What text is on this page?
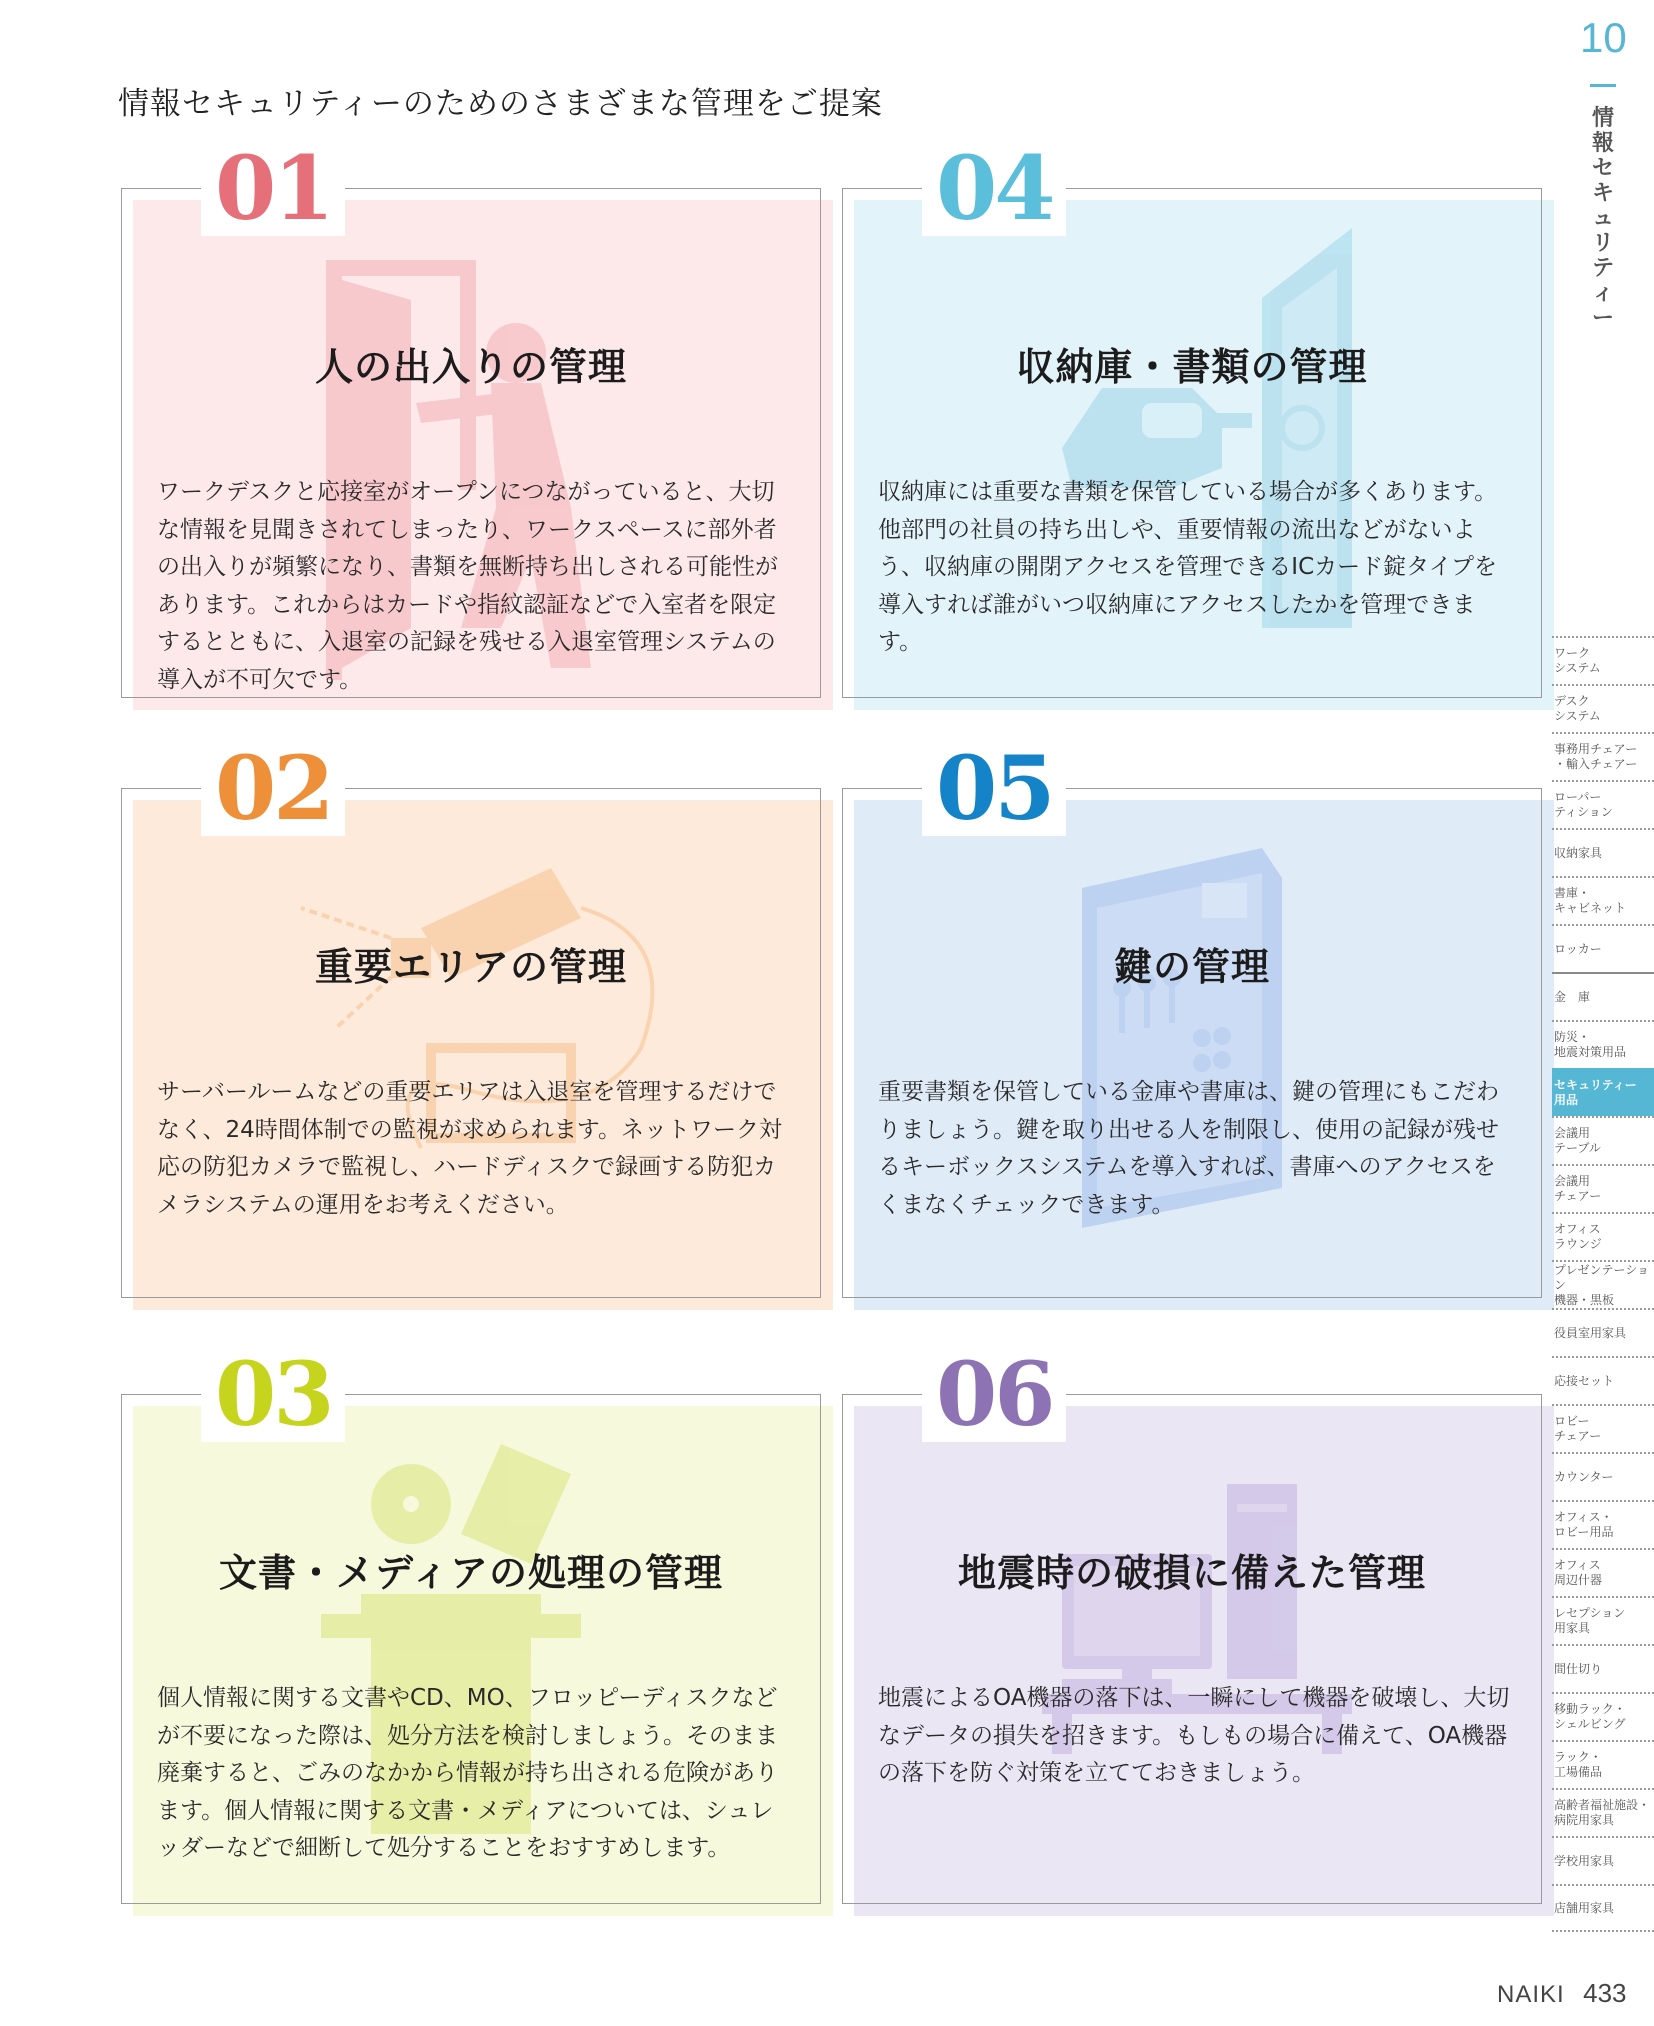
情報セキュリティーのためのさまざまな管理をご提案
01
人の出入りの管理
ワークデスクと応接室がオープンにつながっていると、大切な情報を見聞きされてしまったり、ワークスペースに部外者の出入りが頻繁になり、書類を無断持ち出しされる可能性があります。これからはカードや指紋認証などで入室者を限定するとともに、入退室の記録を残せる入退室管理システムの導入が不可欠です。
04
収納庫・書類の管理
収納庫には重要な書類を保管している場合が多くあります。他部門の社員の持ち出しや、重要情報の流出などがないよう、収納庫の開閉アクセスを管理できるICカード錠タイプを導入すれば誰がいつ収納庫にアクセスしたかを管理できます。
02
重要エリアの管理
サーバールームなどの重要エリアは入退室を管理するだけでなく、24時間体制での監視が求められます。ネットワーク対応の防犯カメラで監視し、ハードディスクで録画する防犯カメラシステムの運用をお考えください。
05
鍵の管理
重要書類を保管している金庫や書庫は、鍵の管理にもこだわりましょう。鍵を取り出せる人を制限し、使用の記録が残せるキーボックスシステムを導入すれば、書庫へのアクセスをくまなくチェックできます。
03
文書・メディアの処理の管理
個人情報に関する文書やCD、MO、フロッピーディスクなどが不要になった際は、処分方法を検討しましょう。そのまま廃棄すると、ごみのなかから情報が持ち出される危険があります。個人情報に関する文書・メディアについては、シュレッダーなどで細断して処分することをおすすめします。
06
地震時の破損に備えた管理
地震によるOA機器の落下は、一瞬にして機器を破壊し、大切なデータの損失を招きます。もしもの場合に備えて、OA機器の落下を防ぐ対策を立てておきましょう。
10
情報セキュリティー
ワーク
システム
デスク
システム
事務用チェアー
・輸入チェアー
ローパー
ティション
収納家具
書庫・
キャビネット
ロッカー
金　庫
防災・
地震対策用品
セキュリティー
用品
会議用
テーブル
会議用
チェアー
オフィス
ラウンジ
プレゼンテーション
機器・黒板
役員室用家具
応接セット
ロビー
チェアー
カウンター
オフィス・
ロビー用品
オフィス
周辺什器
レセプション
用家具
間仕切り
移動ラック・
シェルビング
ラック・
工場備品
高齢者福祉施設・
病院用家具
学校用家具
店舗用家具
NAIKI 433
